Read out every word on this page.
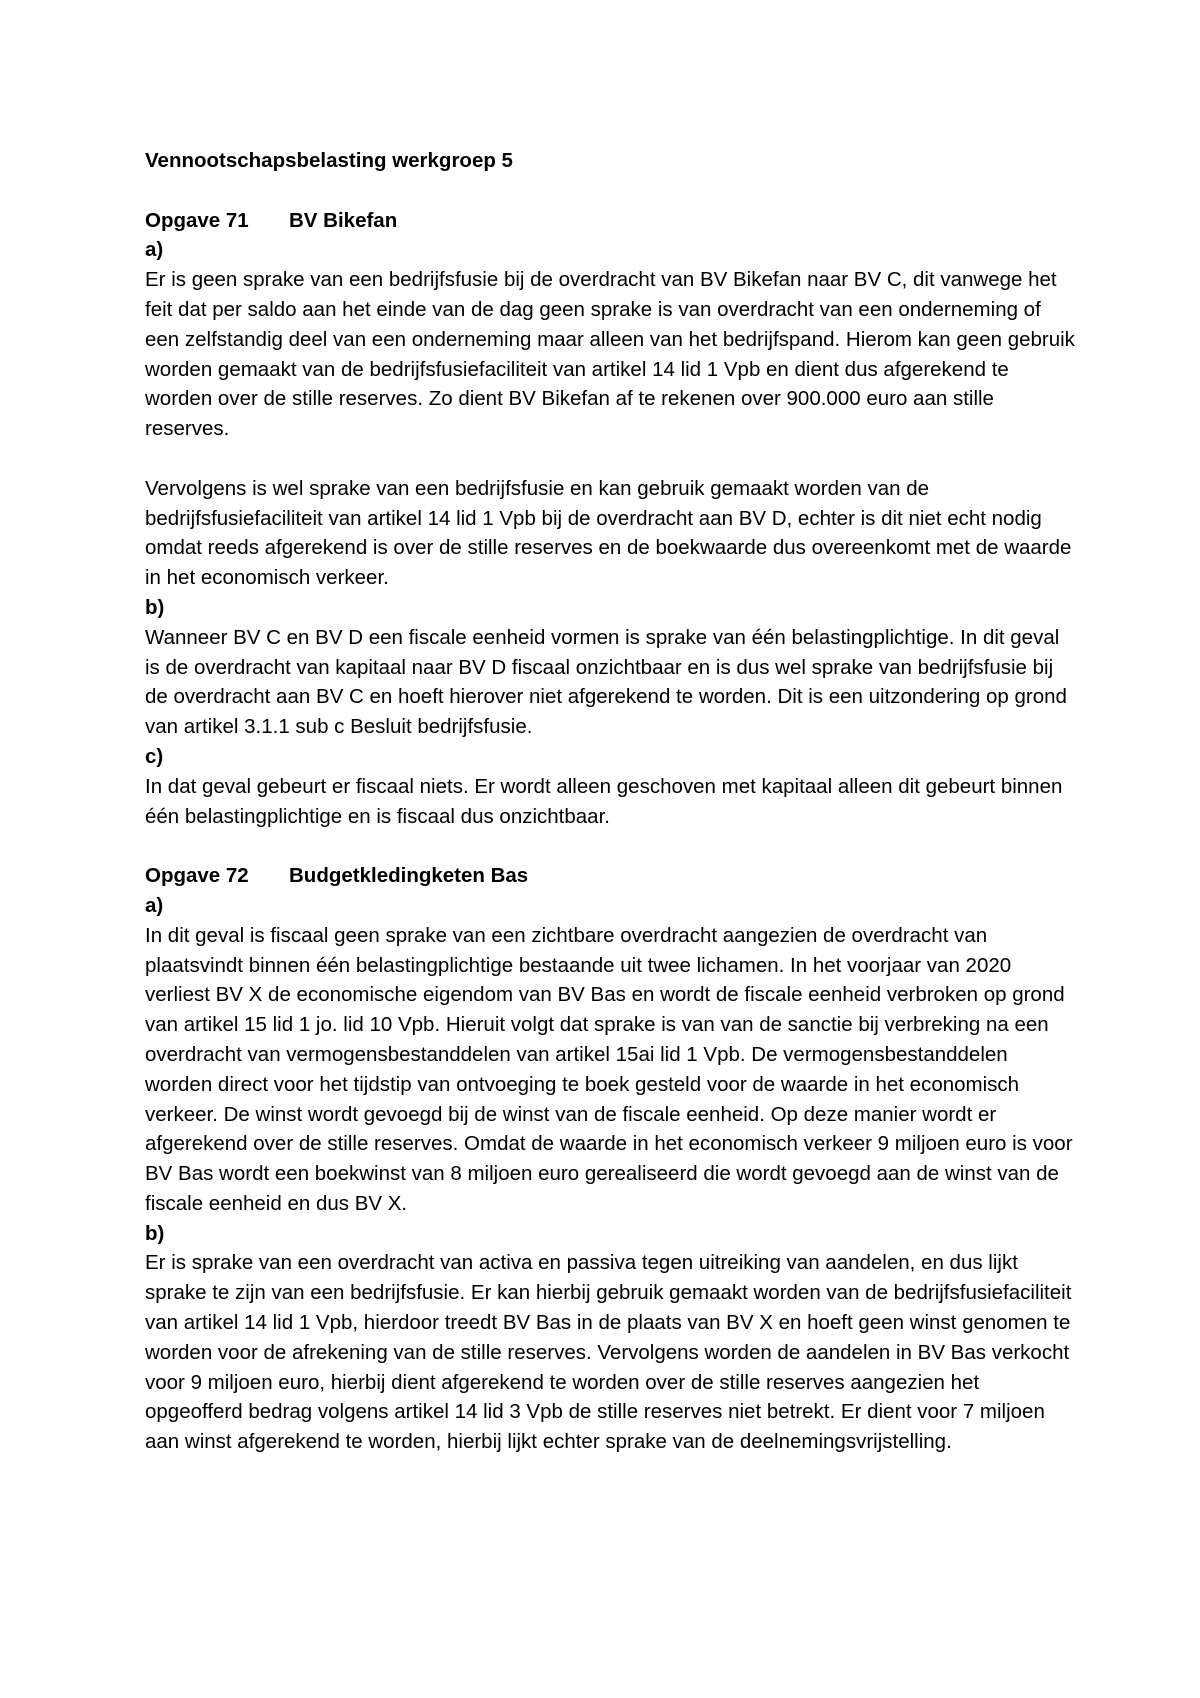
Vennootschapsbelasting werkgroep 5
Opgave 71 BV Bikefan
a)

Er is geen sprake van een bedrijfsfusie bij de overdracht van BV Bikefan naar BV C, dit vanwege het feit dat per saldo aan het einde van de dag geen sprake is van overdracht van een onderneming of een zelfstandig deel van een onderneming maar alleen van het bedrijfspand. Hierom kan geen gebruik worden gemaakt van de bedrijfsfusiefaciliteit van artikel 14 lid 1 Vpb en dient dus afgerekend te worden over de stille reserves. Zo dient BV Bikefan af te rekenen over 900.000 euro aan stille reserves.

Vervolgens is wel sprake van een bedrijfsfusie en kan gebruik gemaakt worden van de bedrijfsfusiefaciliteit van artikel 14 lid 1 Vpb bij de overdracht aan BV D, echter is dit niet echt nodig omdat reeds afgerekend is over de stille reserves en de boekwaarde dus overeenkomt met de waarde in het economisch verkeer.

b)

Wanneer BV C en BV D een fiscale eenheid vormen is sprake van één belastingplichtige. In dit geval is de overdracht van kapitaal naar BV D fiscaal onzichtbaar en is dus wel sprake van bedrijfsfusie bij de overdracht aan BV C en hoeft hierover niet afgerekend te worden. Dit is een uitzondering op grond van artikel 3.1.1 sub c Besluit bedrijfsfusie.

c)

In dat geval gebeurt er fiscaal niets. Er wordt alleen geschoven met kapitaal alleen dit gebeurt binnen één belastingplichtige en is fiscaal dus onzichtbaar.

Opgave 72 Budgetkledingketen Bas
a)

In dit geval is fiscaal geen sprake van een zichtbare overdracht aangezien de overdracht van plaatsvindt binnen één belastingplichtige bestaande uit twee lichamen. In het voorjaar van 2020 verliest BV X de economische eigendom van BV Bas en wordt de fiscale eenheid verbroken op grond van artikel 15 lid 1 jo. lid 10 Vpb. Hieruit volgt dat sprake is van van de sanctie bij verbreking na een overdracht van vermogensbestanddelen van artikel 15ai lid 1 Vpb. De vermogensbestanddelen worden direct voor het tijdstip van ontvoeging te boek gesteld voor de waarde in het economisch verkeer. De winst wordt gevoegd bij de winst van de fiscale eenheid. Op deze manier wordt er afgerekend over de stille reserves. Omdat de waarde in het economisch verkeer 9 miljoen euro is voor BV Bas wordt een boekwinst van 8 miljoen euro gerealiseerd die wordt gevoegd aan de winst van de fiscale eenheid en dus BV X.

b)

Er is sprake van een overdracht van activa en passiva tegen uitreiking van aandelen, en dus lijkt sprake te zijn van een bedrijfsfusie. Er kan hierbij gebruik gemaakt worden van de bedrijfsfusiefaciliteit van artikel 14 lid 1 Vpb, hierdoor treedt BV Bas in de plaats van BV X en hoeft geen winst genomen te worden voor de afrekening van de stille reserves. Vervolgens worden de aandelen in BV Bas verkocht voor 9 miljoen euro, hierbij dient afgerekend te worden over de stille reserves aangezien het opgeofferd bedrag volgens artikel 14 lid 3 Vpb de stille reserves niet betrekt. Er dient voor 7 miljoen aan winst afgerekend te worden, hierbij lijkt echter sprake van de deelnemingsvrijstelling.
